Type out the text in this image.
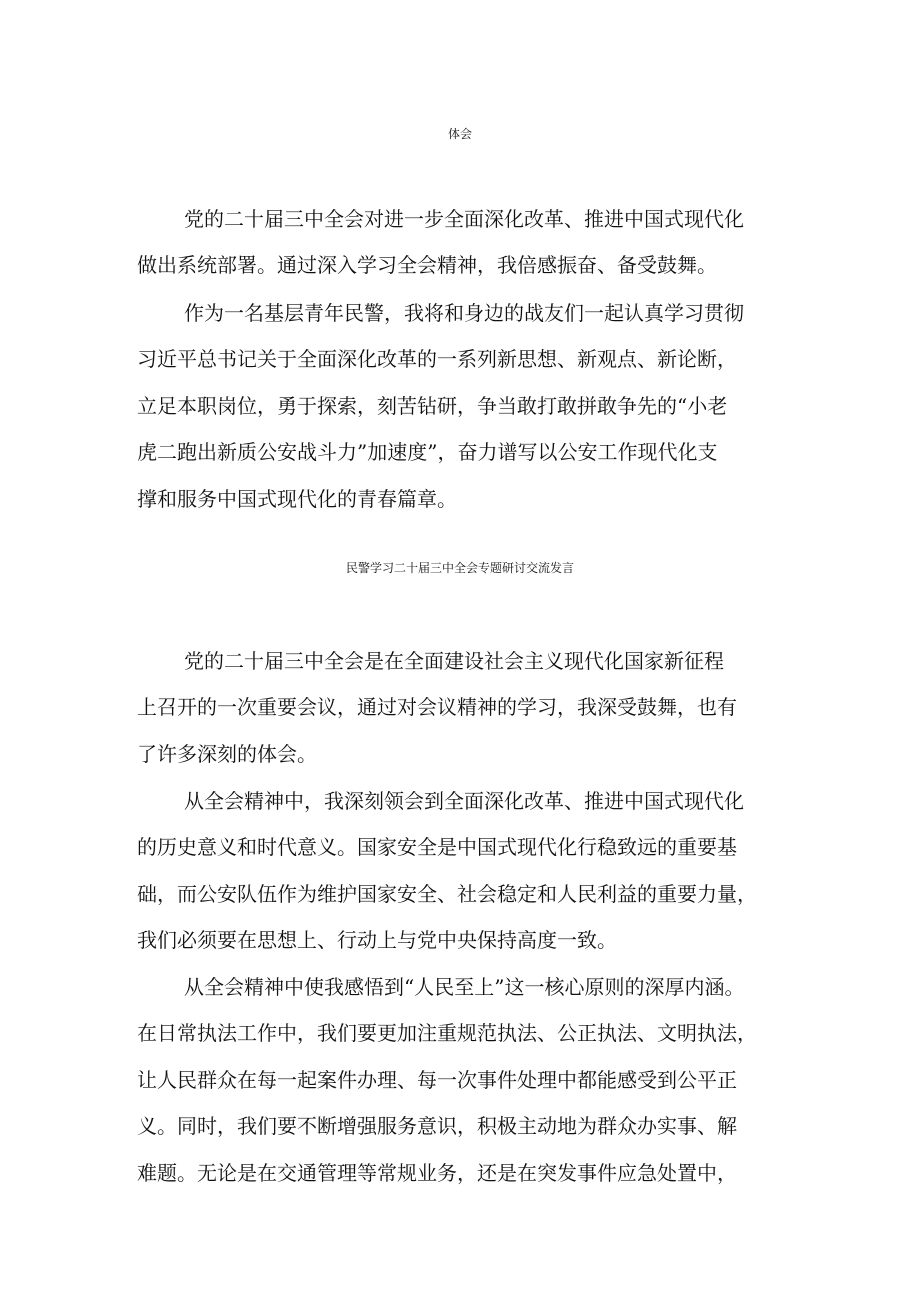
体会
党的二十届三中全会对进一步全面深化改革、推进中国式现代化
做出系统部署。通过深入学习全会精神，我倍感振奋、备受鼓舞。
作为一名基层青年民警，我将和身边的战友们一起认真学习贯彻
习近平总书记关于全面深化改革的一系列新思想、新观点、新论断，
立足本职岗位，勇于探索，刻苦钻研，争当敢打敢拼敢争先的“小老
虎二跑出新质公安战斗力”加速度”，奋力谱写以公安工作现代化支
撑和服务中国式现代化的青春篇章。
民警学习二十届三中全会专题研讨交流发言
党的二十届三中全会是在全面建设社会主义现代化国家新征程
上召开的一次重要会议，通过对会议精神的学习，我深受鼓舞，也有
了许多深刻的体会。
从全会精神中，我深刻领会到全面深化改革、推进中国式现代化
的历史意义和时代意义。国家安全是中国式现代化行稳致远的重要基
础，而公安队伍作为维护国家安全、社会稳定和人民利益的重要力量，
我们必须要在思想上、行动上与党中央保持高度一致。
从全会精神中使我感悟到“人民至上”这一核心原则的深厚内涵。
在日常执法工作中，我们要更加注重规范执法、公正执法、文明执法，
让人民群众在每一起案件办理、每一次事件处理中都能感受到公平正
义。同时，我们要不断增强服务意识，积极主动地为群众办实事、解
难题。无论是在交通管理等常规业务，还是在突发事件应急处置中，
